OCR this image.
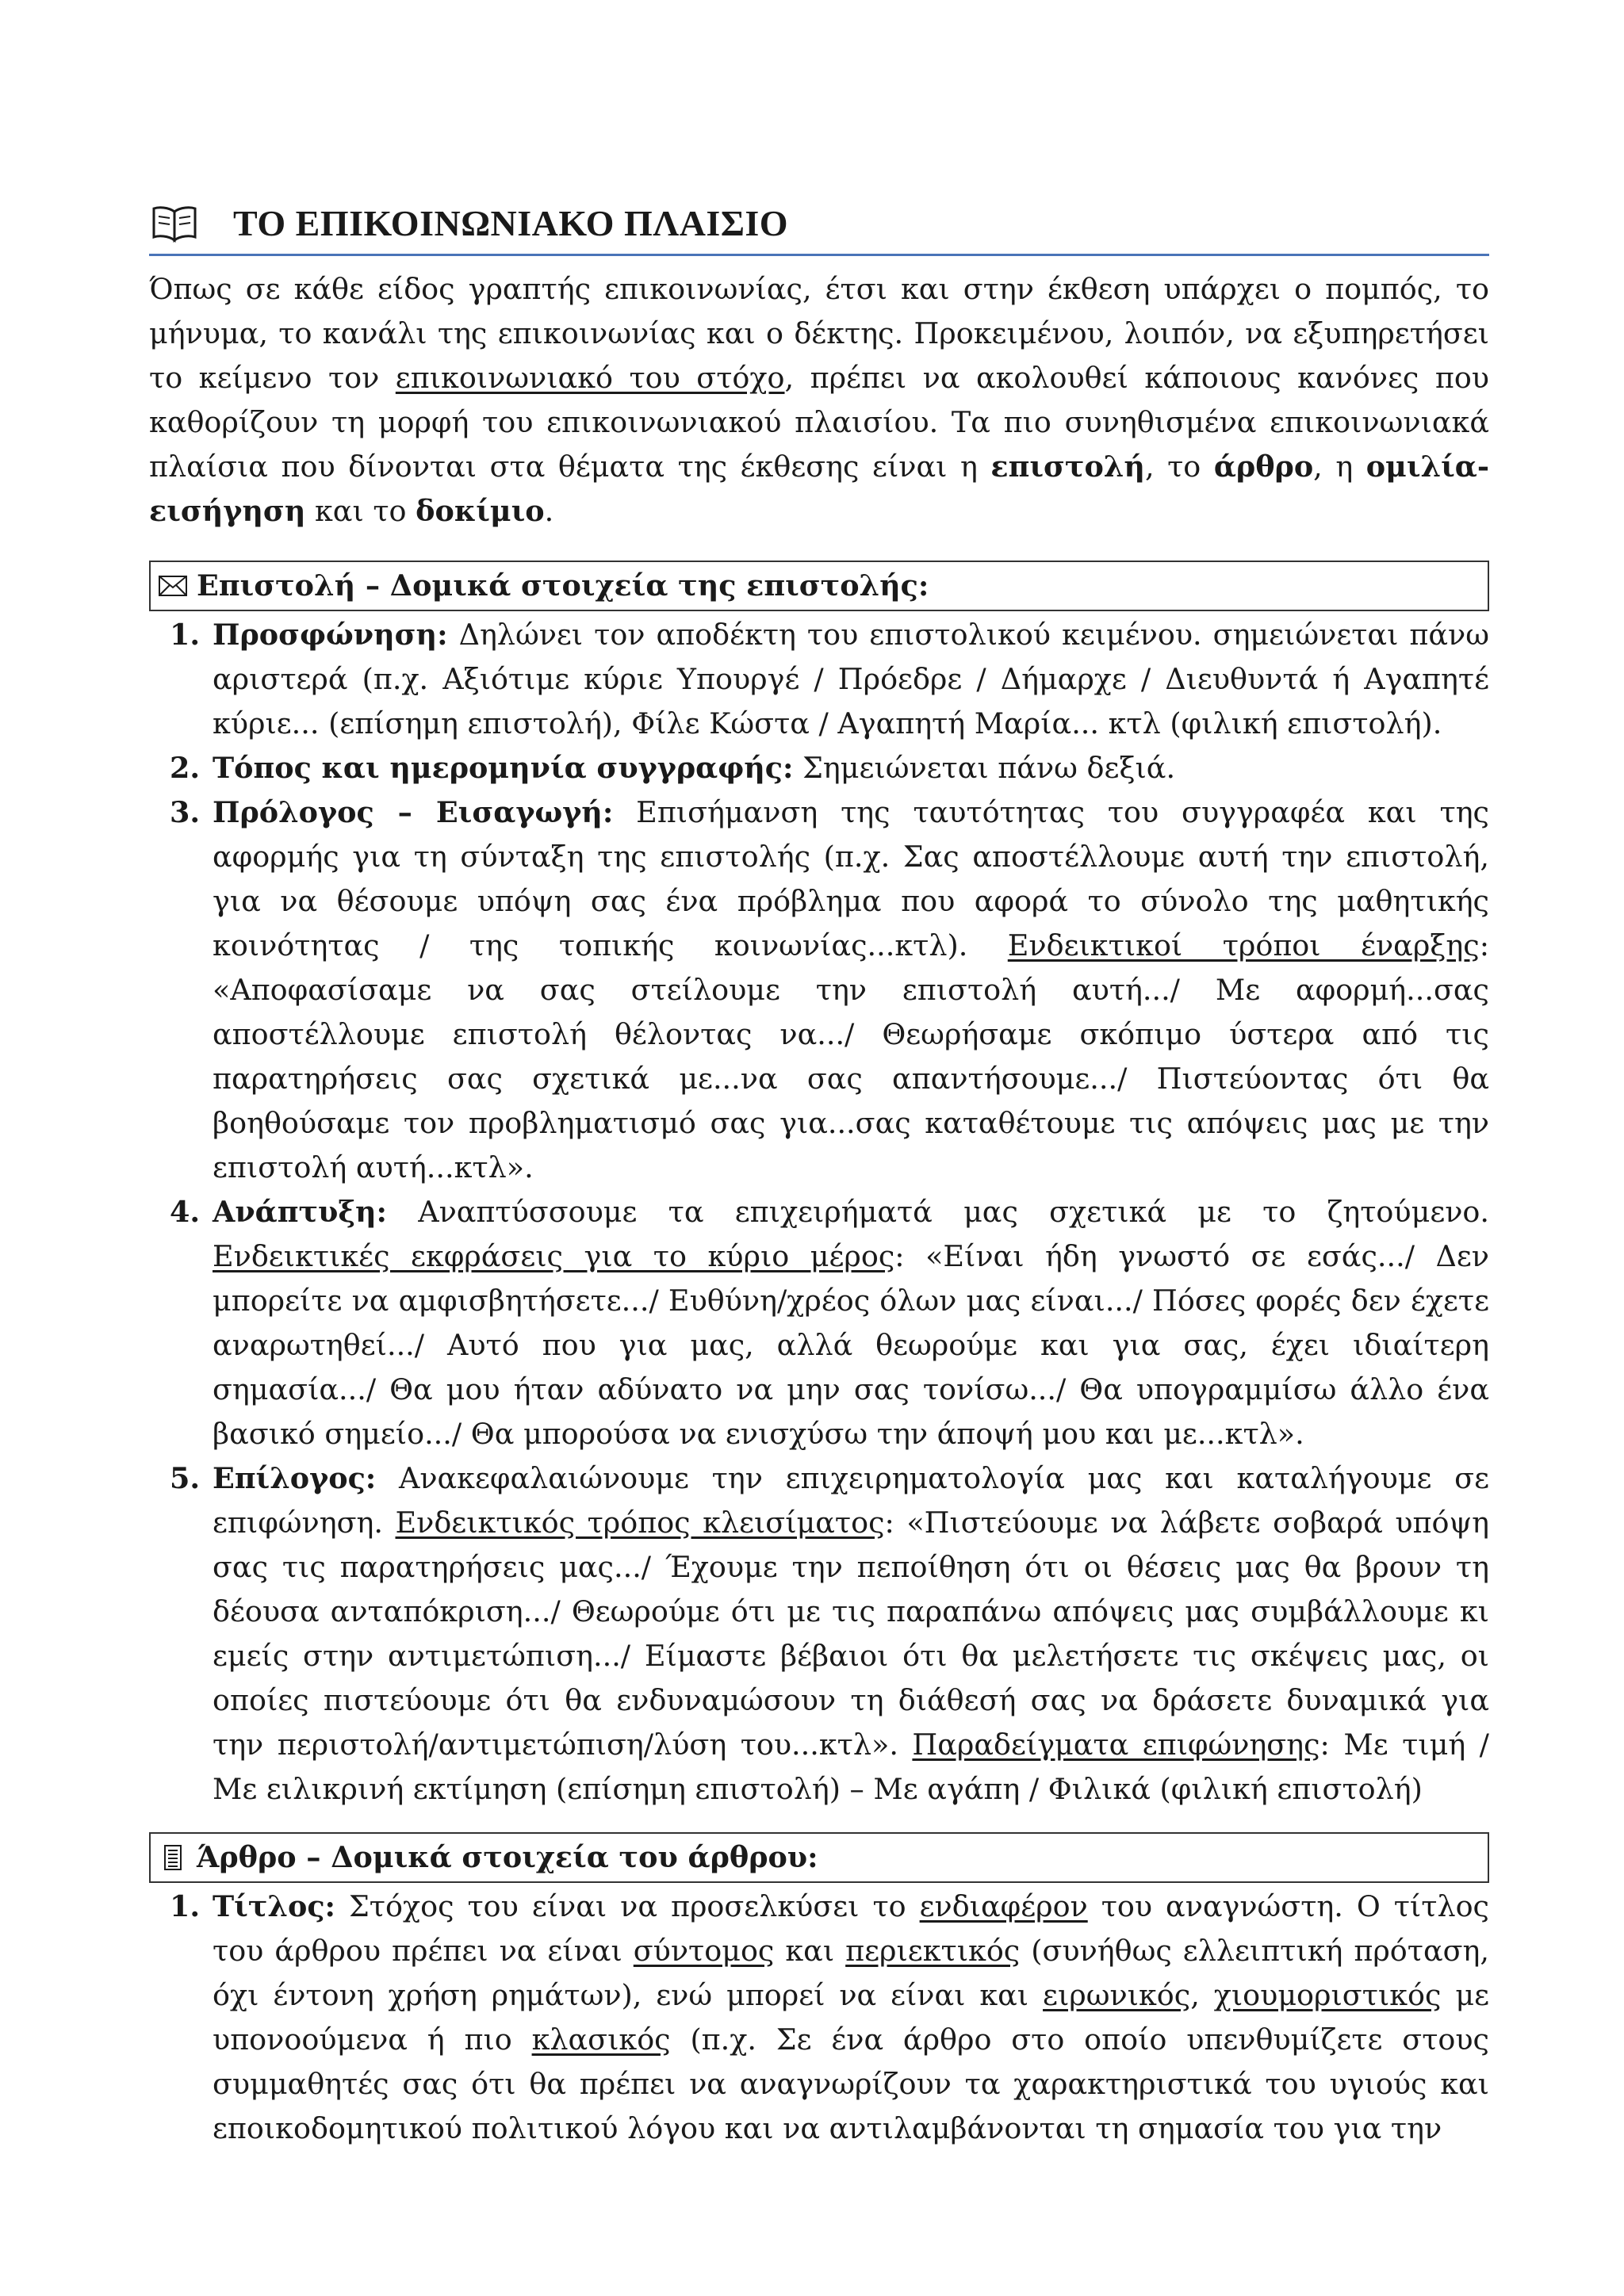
ΤΟ ΕΠΙΚΟΙΝΩΝΙΑΚΟ ΠΛΑΙΣΙΟ

Όπως σε κάθε είδος γραπτής επικοινωνίας, έτσι και στην έκθεση υπάρχει ο πομπός, το μήνυμα, το κανάλι της επικοινωνίας και ο δέκτης. Προκειμένου, λοιπόν, να εξυπηρετήσει το κείμενο τον επικοινωνιακό του στόχο, πρέπει να ακολουθεί κάποιους κανόνες που καθορίζουν τη μορφή του επικοινωνιακού πλαισίου. Τα πιο συνηθισμένα επικοινωνιακά πλαίσια που δίνονται στα θέματα της έκθεσης είναι η επιστολή, το άρθρο, η ομιλία-εισήγηση και το δοκίμιο.

Επιστολή – Δομικά στοιχεία της επιστολής:
1. Προσφώνηση: Δηλώνει τον αποδέκτη του επιστολικού κειμένου. σημειώνεται πάνω αριστερά (π.χ. Αξιότιμε κύριε Υπουργέ / Πρόεδρε / Δήμαρχε / Διευθυντά ή Αγαπητέ κύριε... (επίσημη επιστολή), Φίλε Κώστα / Αγαπητή Μαρία... κτλ (φιλική επιστολή).
2. Τόπος και ημερομηνία συγγραφής: Σημειώνεται πάνω δεξιά.
3. Πρόλογος – Εισαγωγή: Επισήμανση της ταυτότητας του συγγραφέα και της αφορμής για τη σύνταξη της επιστολής (π.χ. Σας αποστέλλουμε αυτή την επιστολή, για να θέσουμε υπόψη σας ένα πρόβλημα που αφορά το σύνολο της μαθητικής κοινότητας / της τοπικής κοινωνίας...κτλ). Ενδεικτικοί τρόποι έναρξης: «Αποφασίσαμε να σας στείλουμε την επιστολή αυτή.../ Με αφορμή...σας αποστέλλουμε επιστολή θέλοντας να.../ Θεωρήσαμε σκόπιμο ύστερα από τις παρατηρήσεις σας σχετικά με...να σας απαντήσουμε.../ Πιστεύοντας ότι θα βοηθούσαμε τον προβληματισμό σας για...σας καταθέτουμε τις απόψεις μας με την επιστολή αυτή...κτλ».
4. Ανάπτυξη: Αναπτύσσουμε τα επιχειρήματά μας σχετικά με το ζητούμενο. Ενδεικτικές εκφράσεις για το κύριο μέρος: «Είναι ήδη γνωστό σε εσάς.../ Δεν μπορείτε να αμφισβητήσετε.../ Ευθύνη/χρέος όλων μας είναι.../ Πόσες φορές δεν έχετε αναρωτηθεί.../ Αυτό που για μας, αλλά θεωρούμε και για σας, έχει ιδιαίτερη σημασία.../ Θα μου ήταν αδύνατο να μην σας τονίσω.../ Θα υπογραμμίσω άλλο ένα βασικό σημείο.../ Θα μπορούσα να ενισχύσω την άποψή μου και με...κτλ».
5. Επίλογος: Ανακεφαλαιώνουμε την επιχειρηματολογία μας και καταλήγουμε σε επιφώνηση. Ενδεικτικός τρόπος κλεισίματος: «Πιστεύουμε να λάβετε σοβαρά υπόψη σας τις παρατηρήσεις μας.../ Έχουμε την πεποίθηση ότι οι θέσεις μας θα βρουν τη δέουσα ανταπόκριση.../ Θεωρούμε ότι με τις παραπάνω απόψεις μας συμβάλλουμε κι εμείς στην αντιμετώπιση.../ Είμαστε βέβαιοι ότι θα μελετήσετε τις σκέψεις μας, οι οποίες πιστεύουμε ότι θα ενδυναμώσουν τη διάθεσή σας να δράσετε δυναμικά για την περιστολή/αντιμετώπιση/λύση του...κτλ». Παραδείγματα επιφώνησης: Με τιμή / Με ειλικρινή εκτίμηση (επίσημη επιστολή) – Με αγάπη / Φιλικά (φιλική επιστολή)
Άρθρο – Δομικά στοιχεία του άρθρου:
1. Τίτλος: Στόχος του είναι να προσελκύσει το ενδιαφέρον του αναγνώστη. Ο τίτλος του άρθρου πρέπει να είναι σύντομος και περιεκτικός (συνήθως ελλειπτική πρόταση, όχι έντονη χρήση ρημάτων), ενώ μπορεί να είναι και ειρωνικός, χιουμοριστικός με υπονοούμενα ή πιο κλασικός (π.χ. Σε ένα άρθρο στο οποίο υπενθυμίζετε στους συμμαθητές σας ότι θα πρέπει να αναγνωρίζουν τα χαρακτηριστικά του υγιούς και εποικοδομητικού πολιτικού λόγου και να αντιλαμβάνονται τη σημασία του για την
